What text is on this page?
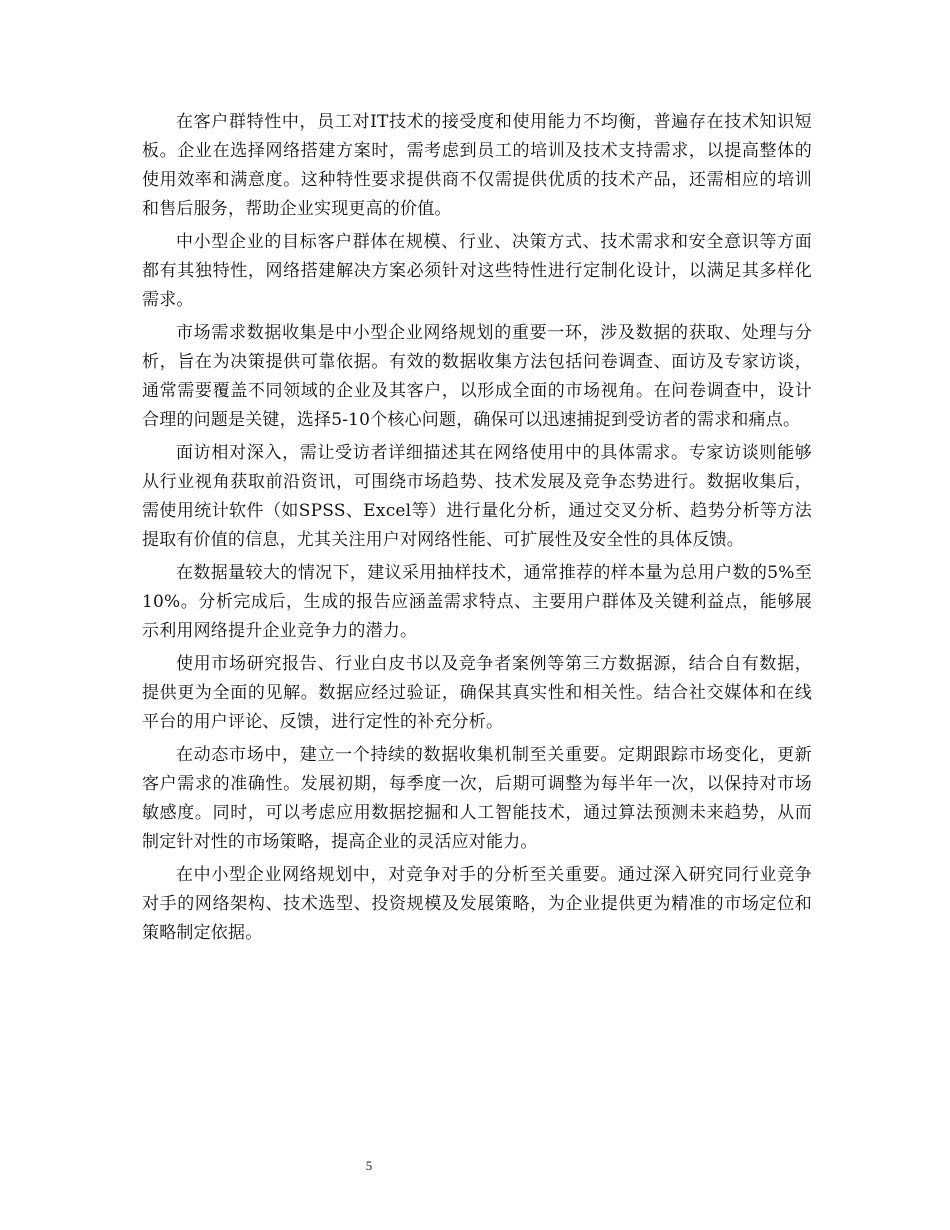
在客户群特性中，员工对IT技术的接受度和使用能力不均衡，普遍存在技术知识短板。企业在选择网络搭建方案时，需考虑到员工的培训及技术支持需求，以提高整体的使用效率和满意度。这种特性要求提供商不仅需提供优质的技术产品，还需相应的培训和售后服务，帮助企业实现更高的价值。

中小型企业的目标客户群体在规模、行业、决策方式、技术需求和安全意识等方面都有其独特性，网络搭建解决方案必须针对这些特性进行定制化设计，以满足其多样化需求。

市场需求数据收集是中小型企业网络规划的重要一环，涉及数据的获取、处理与分析，旨在为决策提供可靠依据。有效的数据收集方法包括问卷调查、面访及专家访谈，通常需要覆盖不同领域的企业及其客户，以形成全面的市场视角。在问卷调查中，设计合理的问题是关键，选择5-10个核心问题，确保可以迅速捕捉到受访者的需求和痛点。

面访相对深入，需让受访者详细描述其在网络使用中的具体需求。专家访谈则能够从行业视角获取前沿资讯，可围绕市场趋势、技术发展及竞争态势进行。数据收集后，需使用统计软件（如SPSS、Excel等）进行量化分析，通过交叉分析、趋势分析等方法提取有价值的信息，尤其关注用户对网络性能、可扩展性及安全性的具体反馈。

在数据量较大的情况下，建议采用抽样技术，通常推荐的样本量为总用户数的5%至10%。分析完成后，生成的报告应涵盖需求特点、主要用户群体及关键利益点，能够展示利用网络提升企业竞争力的潜力。

使用市场研究报告、行业白皮书以及竞争者案例等第三方数据源，结合自有数据，提供更为全面的见解。数据应经过验证，确保其真实性和相关性。结合社交媒体和在线平台的用户评论、反馈，进行定性的补充分析。

在动态市场中，建立一个持续的数据收集机制至关重要。定期跟踪市场变化，更新客户需求的准确性。发展初期，每季度一次，后期可调整为每半年一次，以保持对市场敏感度。同时，可以考虑应用数据挖掘和人工智能技术，通过算法预测未来趋势，从而制定针对性的市场策略，提高企业的灵活应对能力。

在中小型企业网络规划中，对竞争对手的分析至关重要。通过深入研究同行业竞争对手的网络架构、技术选型、投资规模及发展策略，为企业提供更为精准的市场定位和策略制定依据。

5
